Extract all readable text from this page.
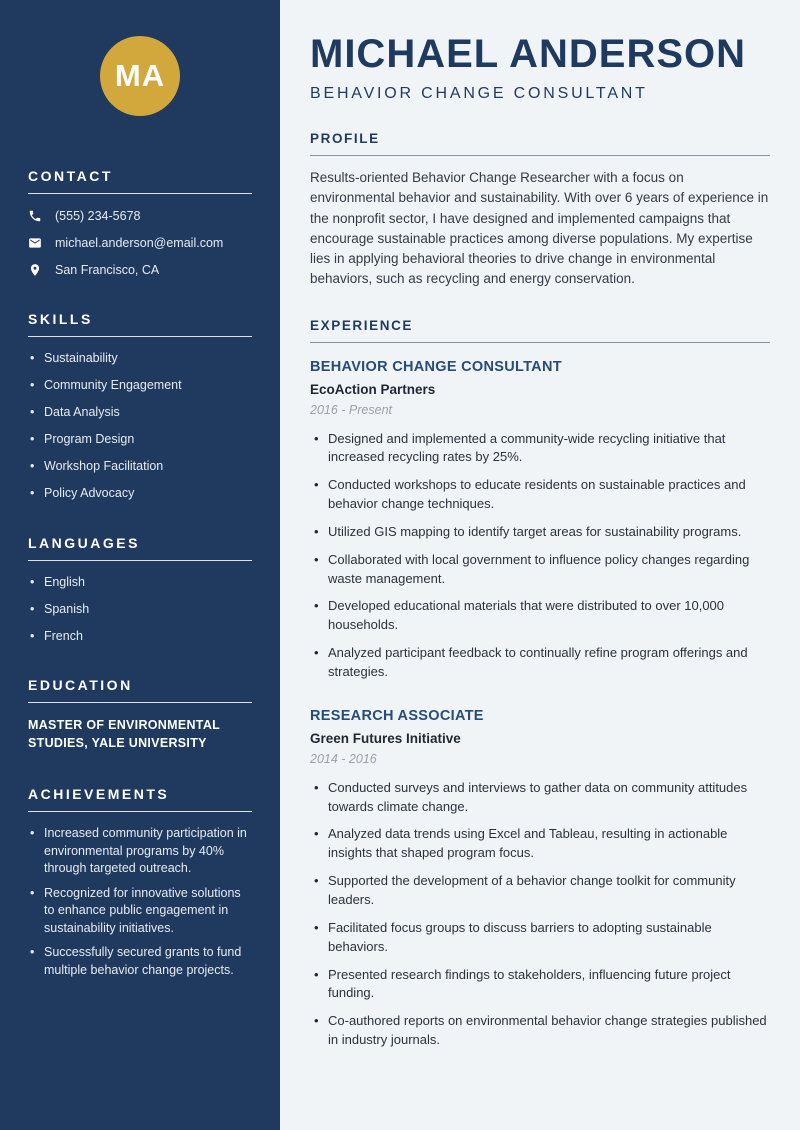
MA
CONTACT
(555) 234-5678
michael.anderson@email.com
San Francisco, CA
SKILLS
• Sustainability
• Community Engagement
• Data Analysis
• Program Design
• Workshop Facilitation
• Policy Advocacy
LANGUAGES
• English
• Spanish
• French
EDUCATION
MASTER OF ENVIRONMENTAL STUDIES, YALE UNIVERSITY
ACHIEVEMENTS
• Increased community participation in environmental programs by 40% through targeted outreach.
• Recognized for innovative solutions to enhance public engagement in sustainability initiatives.
• Successfully secured grants to fund multiple behavior change projects.
MICHAEL ANDERSON
BEHAVIOR CHANGE CONSULTANT
PROFILE

Results-oriented Behavior Change Researcher with a focus on environmental behavior and sustainability. With over 6 years of experience in the nonprofit sector, I have designed and implemented campaigns that encourage sustainable practices among diverse populations. My expertise lies in applying behavioral theories to drive change in environmental behaviors, such as recycling and energy conservation.

EXPERIENCE
BEHAVIOR CHANGE CONSULTANT
EcoAction Partners
2016 - Present
• Designed and implemented a community-wide recycling initiative that increased recycling rates by 25%.
• Conducted workshops to educate residents on sustainable practices and behavior change techniques.
• Utilized GIS mapping to identify target areas for sustainability programs.
• Collaborated with local government to influence policy changes regarding waste management.
• Developed educational materials that were distributed to over 10,000 households.
• Analyzed participant feedback to continually refine program offerings and strategies.
RESEARCH ASSOCIATE
Green Futures Initiative
2014 - 2016
• Conducted surveys and interviews to gather data on community attitudes towards climate change.
• Analyzed data trends using Excel and Tableau, resulting in actionable insights that shaped program focus.
• Supported the development of a behavior change toolkit for community leaders.
• Facilitated focus groups to discuss barriers to adopting sustainable behaviors.
• Presented research findings to stakeholders, influencing future project funding.
• Co-authored reports on environmental behavior change strategies published in industry journals.
